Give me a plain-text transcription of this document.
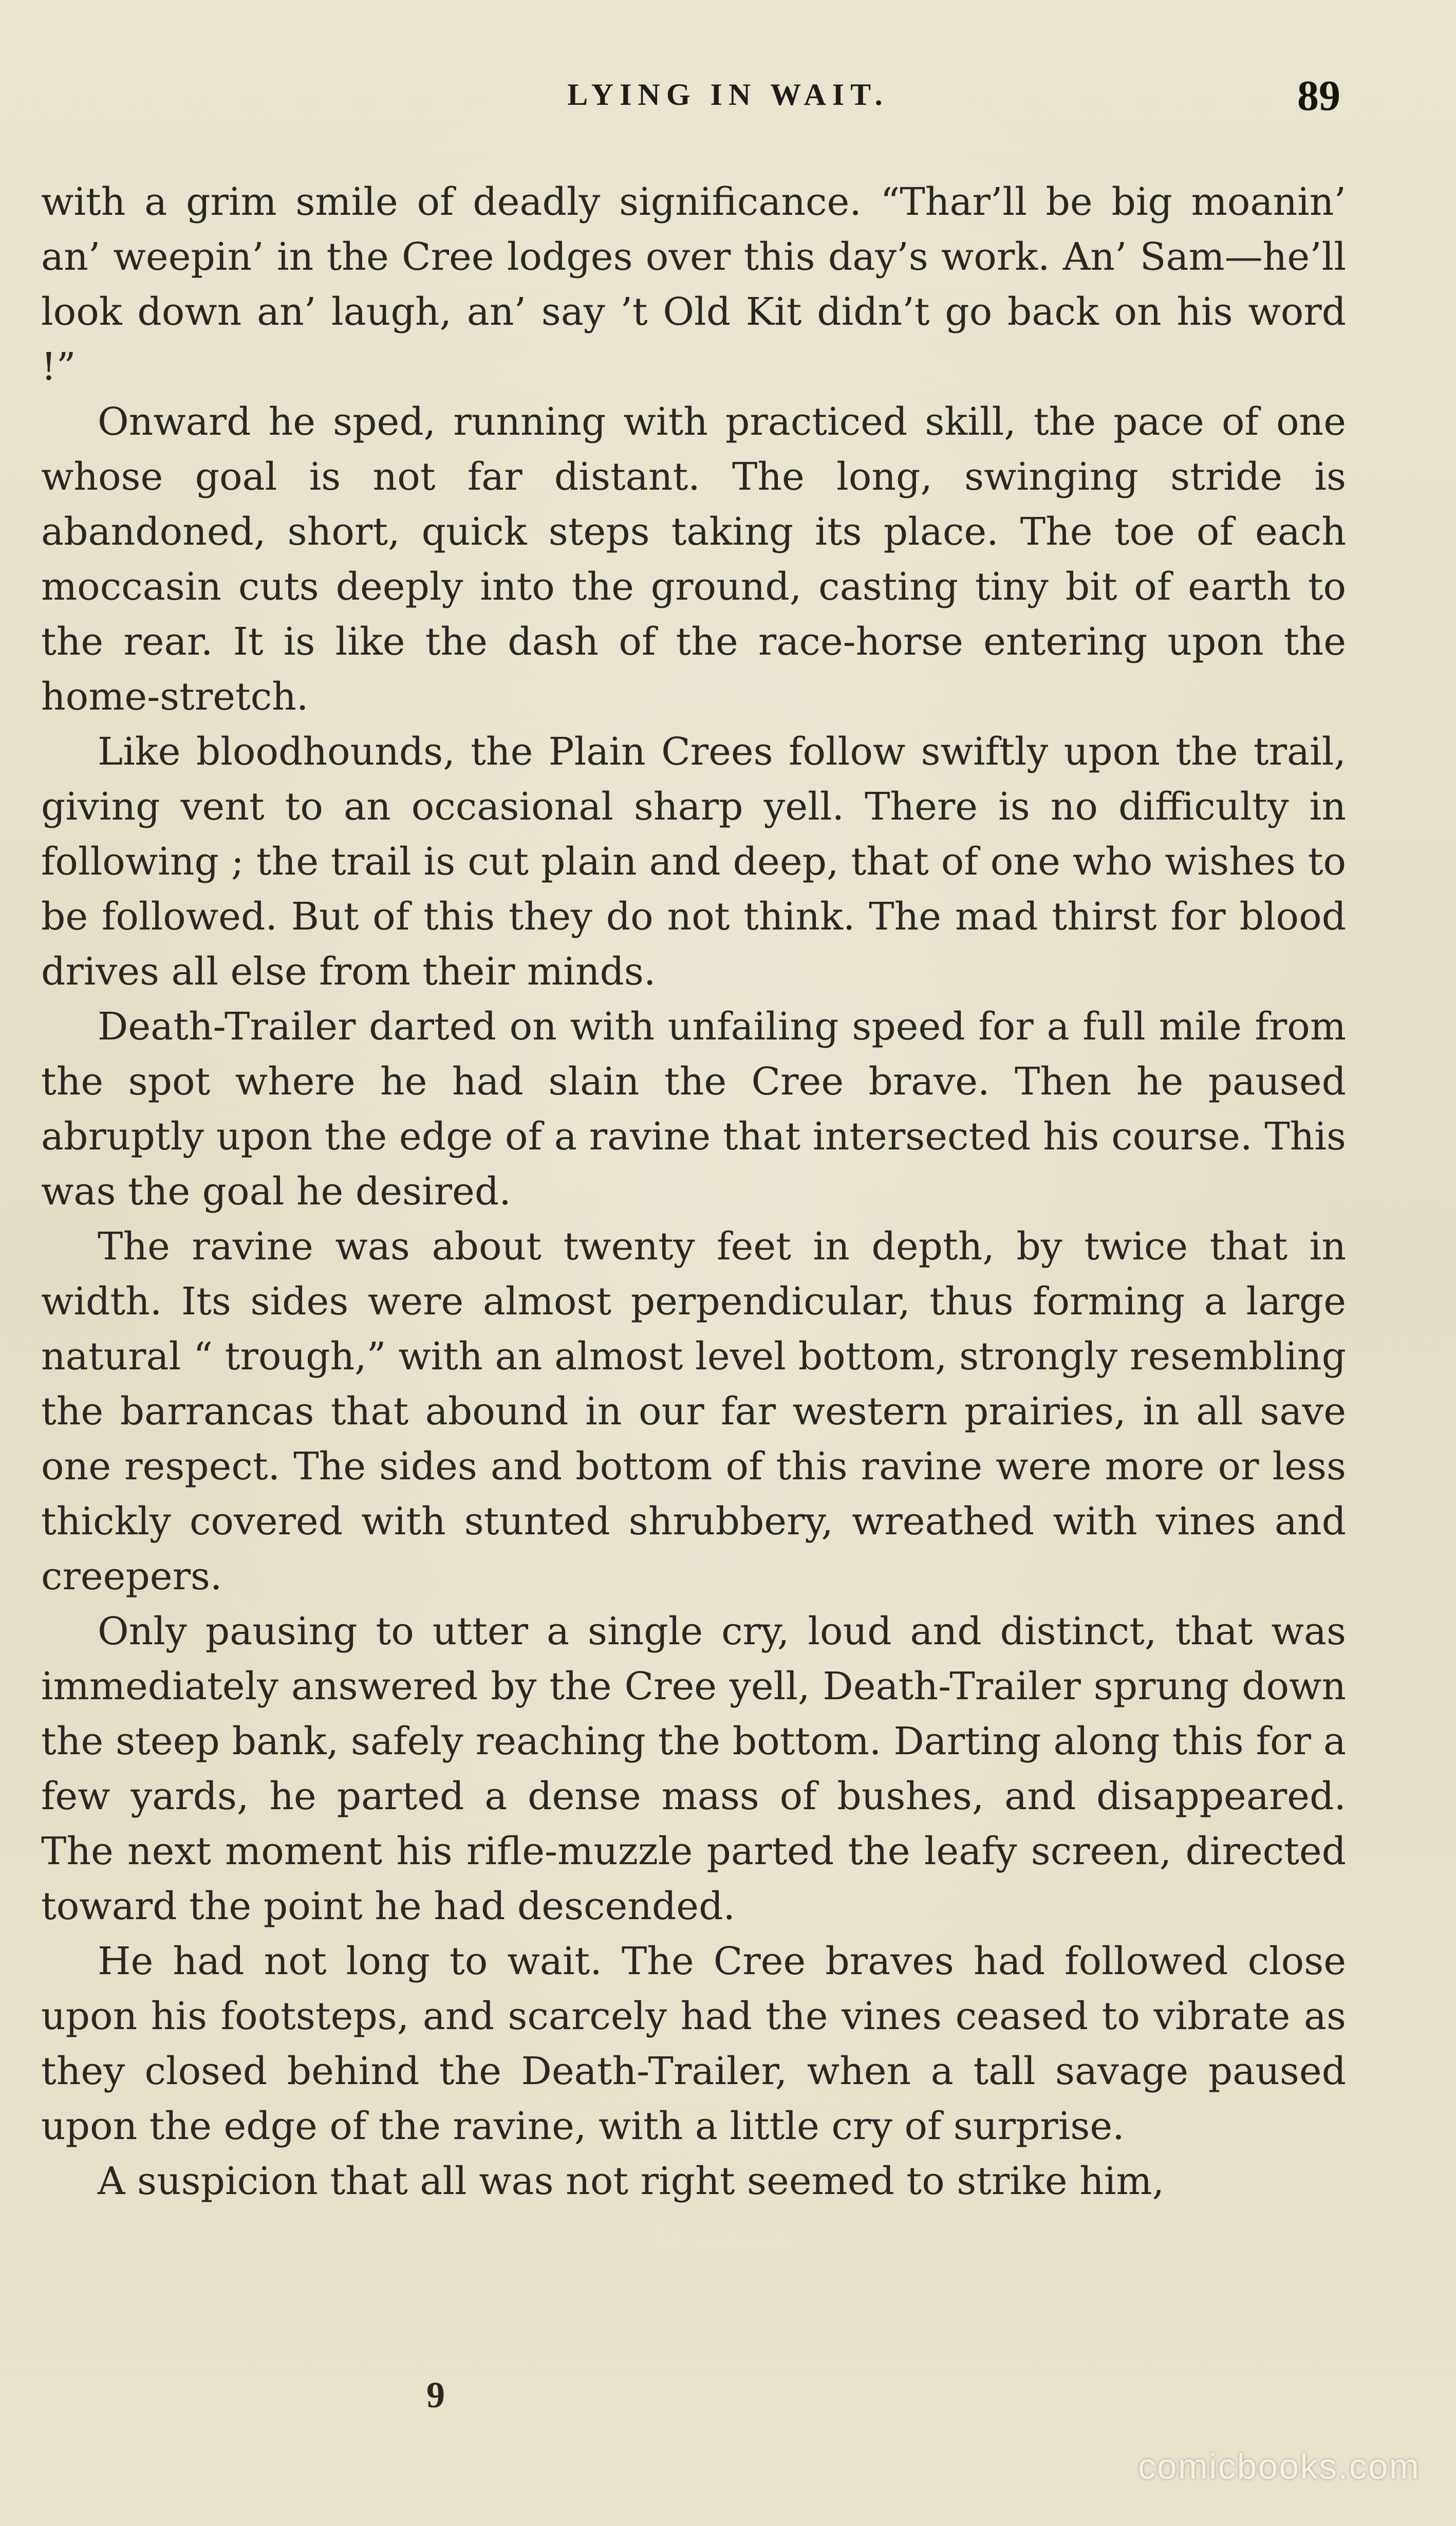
LYING IN WAIT.	89

with a grim smile of deadly significance. “Thar’ll be big moanin’ an’ weepin’ in the Cree lodges over this day’s work. An’ Sam—he’ll look down an’ laugh, an’ say ’t Old Kit didn’t go back on his word !”

Onward he sped, running with practiced skill, the pace of one whose goal is not far distant. The long, swinging stride is abandoned, short, quick steps taking its place. The toe of each moccasin cuts deeply into the ground, casting tiny bit of earth to the rear. It is like the dash of the race-horse entering upon the home-stretch.

Like bloodhounds, the Plain Crees follow swiftly upon the trail, giving vent to an occasional sharp yell. There is no difficulty in following ; the trail is cut plain and deep, that of one who wishes to be followed. But of this they do not think. The mad thirst for blood drives all else from their minds.

Death-Trailer darted on with unfailing speed for a full mile from the spot where he had slain the Cree brave. Then he paused abruptly upon the edge of a ravine that intersected his course. This was the goal he desired.

The ravine was about twenty feet in depth, by twice that in width. Its sides were almost perpendicular, thus forming a large natural “ trough,” with an almost level bottom, strongly resembling the barrancas that abound in our far western prairies, in all save one respect. The sides and bottom of this ravine were more or less thickly covered with stunted shrubbery, wreathed with vines and creepers.

Only pausing to utter a single cry, loud and distinct, that was immediately answered by the Cree yell, Death-Trailer sprung down the steep bank, safely reaching the bottom. Darting along this for a few yards, he parted a dense mass of bushes, and disappeared. The next moment his rifle-muzzle parted the leafy screen, directed toward the point he had descended.

He had not long to wait. The Cree braves had followed close upon his footsteps, and scarcely had the vines ceased to vibrate as they closed behind the Death-Trailer, when a tall savage paused upon the edge of the ravine, with a little cry of surprise.

A suspicion that all was not right seemed to strike him,

9
comicbooks.com
